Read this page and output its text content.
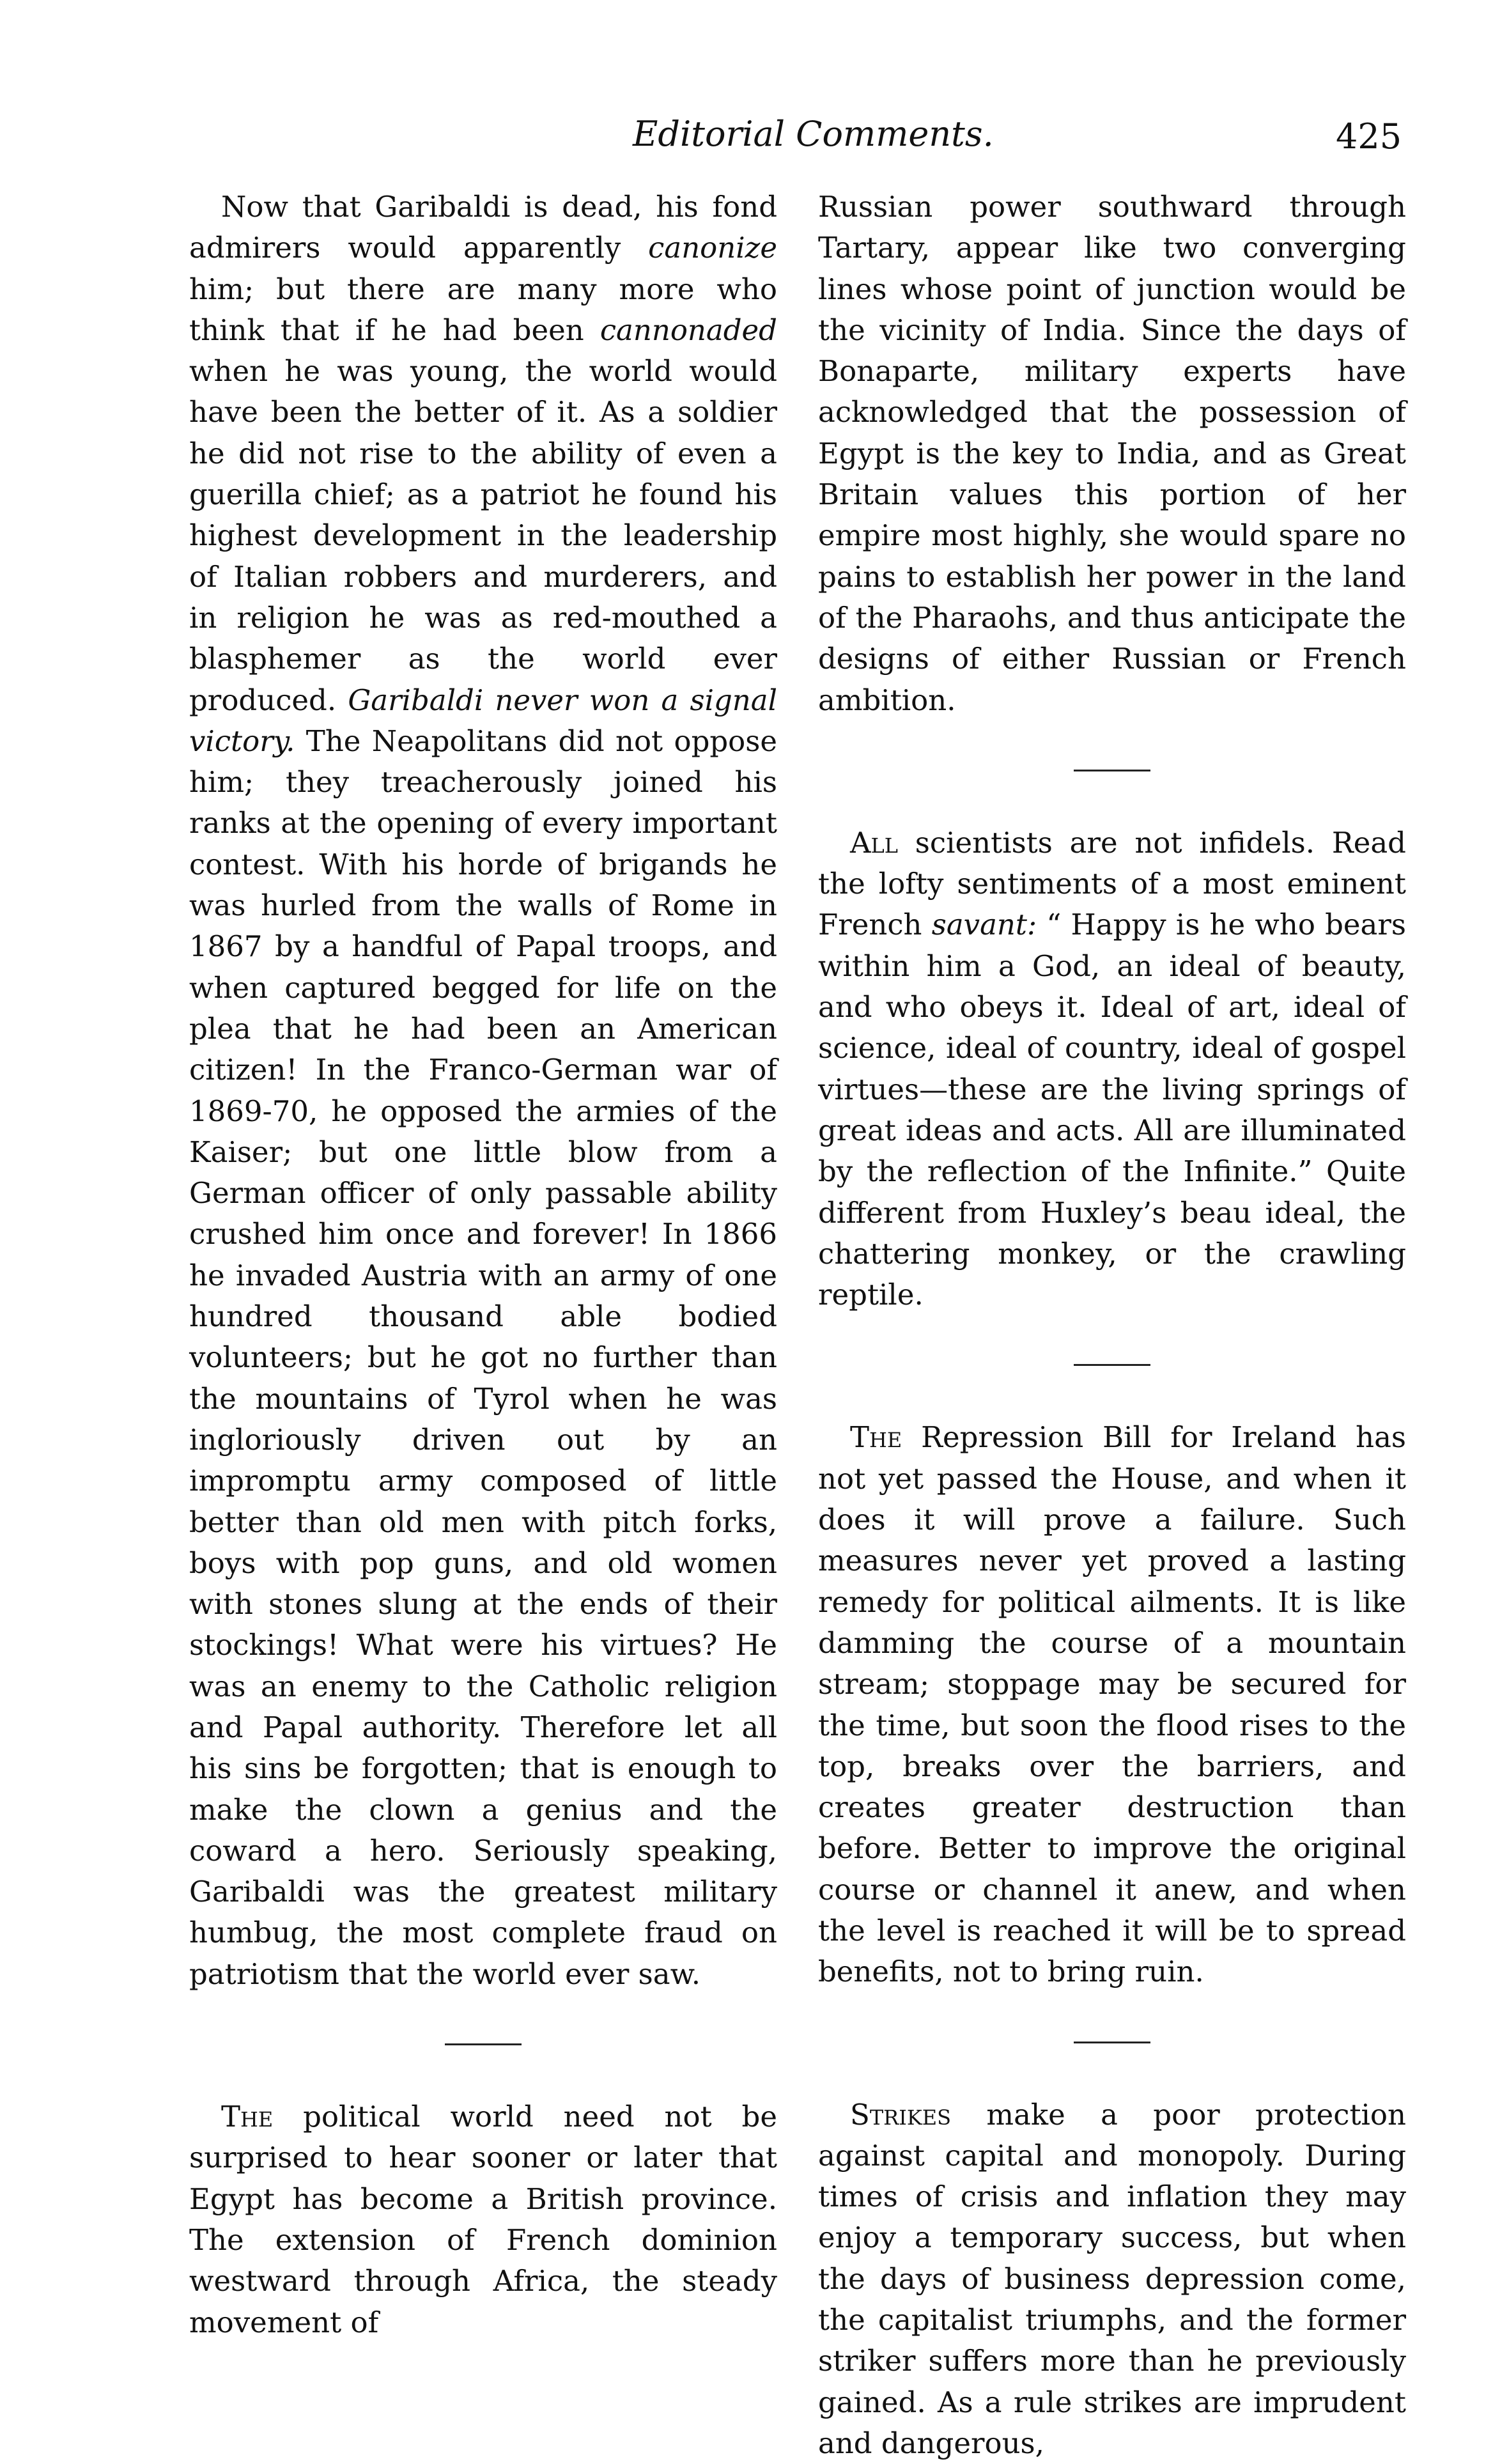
Editorial Comments.	425

Now that Garibaldi is dead, his fond admirers would apparently canonize him; but there are many more who think that if he had been cannonaded when he was young, the world would have been the better of it. As a soldier he did not rise to the ability of even a guerilla chief; as a patriot he found his highest development in the leadership of Italian robbers and murderers, and in religion he was as red-mouthed a blasphemer as the world ever produced. Garibaldi never won a signal victory. The Neapolitans did not oppose him; they treacherously joined his ranks at the opening of every important contest. With his horde of brigands he was hurled from the walls of Rome in 1867 by a handful of Papal troops, and when captured begged for life on the plea that he had been an American citizen! In the Franco-German war of 1869-70, he opposed the armies of the Kaiser; but one little blow from a German officer of only passable ability crushed him once and forever! In 1866 he invaded Austria with an army of one hundred thousand able bodied volunteers; but he got no further than the mountains of Tyrol when he was ingloriously driven out by an impromptu army composed of little better than old men with pitch forks, boys with pop guns, and old women with stones slung at the ends of their stockings! What were his virtues? He was an enemy to the Catholic religion and Papal authority. Therefore let all his sins be forgotten; that is enough to make the clown a genius and the coward a hero. Seriously speaking, Garibaldi was the greatest military humbug, the most complete fraud on patriotism that the world ever saw.

The political world need not be surprised to hear sooner or later that Egypt has become a British province. The extension of French dominion westward through Africa, the steady movement of

Russian power southward through Tartary, appear like two converging lines whose point of junction would be the vicinity of India. Since the days of Bonaparte, military experts have acknowledged that the possession of Egypt is the key to India, and as Great Britain values this portion of her empire most highly, she would spare no pains to establish her power in the land of the Pharaohs, and thus anticipate the designs of either Russian or French ambition.

All scientists are not infidels. Read the lofty sentiments of a most eminent French savant: “ Happy is he who bears within him a God, an ideal of beauty, and who obeys it. Ideal of art, ideal of science, ideal of country, ideal of gospel virtues—these are the living springs of great ideas and acts. All are illuminated by the reflection of the Infinite.” Quite different from Huxley’s beau ideal, the chattering monkey, or the crawling reptile.

The Repression Bill for Ireland has not yet passed the House, and when it does it will prove a failure. Such measures never yet proved a lasting remedy for political ailments. It is like damming the course of a mountain stream; stoppage may be secured for the time, but soon the flood rises to the top, breaks over the barriers, and creates greater destruction than before. Better to improve the original course or channel it anew, and when the level is reached it will be to spread benefits, not to bring ruin.

Strikes make a poor protection against capital and monopoly. During times of crisis and inflation they may enjoy a temporary success, but when the days of business depression come, the capitalist triumphs, and the former striker suffers more than he previously gained. As a rule strikes are imprudent and dangerous,
